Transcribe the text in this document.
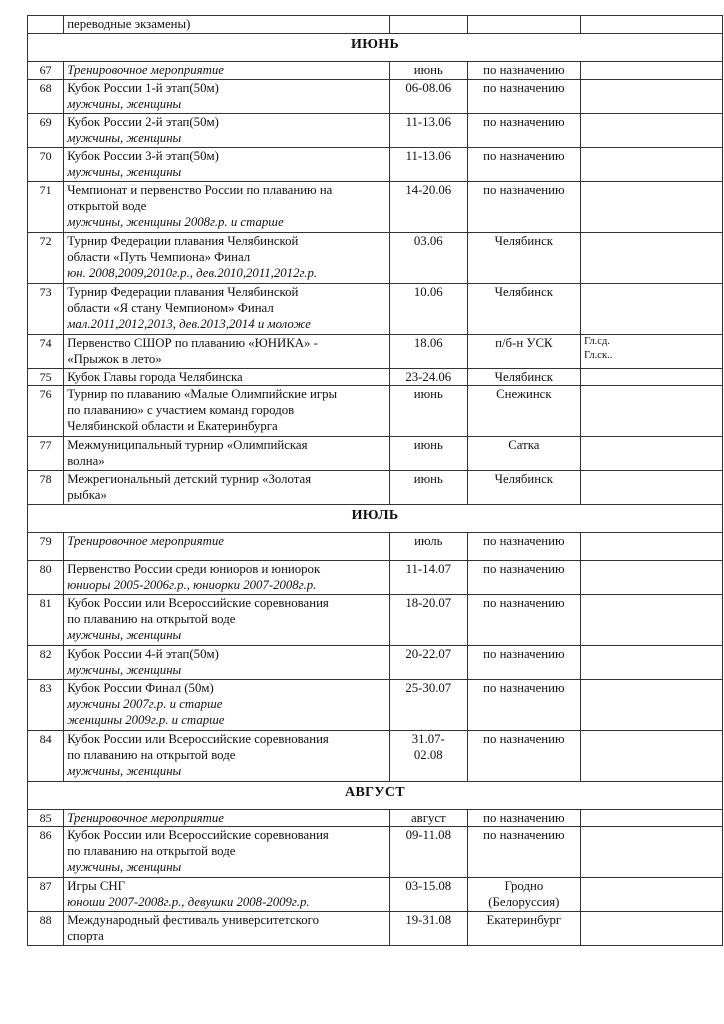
	переводные экзамены)			

ИЮНЬ				
67	Тренировочное мероприятие	июнь	по назначению	
68	Кубок России 1-й этап(50м)
мужчины, женщины	06-08.06	по назначению	
69	Кубок России 2-й этап(50м)
мужчины, женщины	11-13.06	по назначению	
70	Кубок России 3-й этап(50м)
мужчины, женщины	11-13.06	по назначению	
71	Чемпионат и первенство России по плаванию на
открытой воде
мужчины, женщины 2008г.р. и старше	14-20.06	по назначению	
72	Турнир Федерации плавания Челябинской
области «Путь Чемпиона» Финал
юн. 2008,2009,2010г.р., дев.2010,2011,2012г.р.	03.06	Челябинск	
73	Турнир Федерации плавания Челябинской
области «Я стану Чемпионом» Финал
мал.2011,2012,2013, дев.2013,2014 и моложе	10.06	Челябинск	
74	Первенство СШОР по плаванию «ЮНИКА» -
«Прыжок в лето»	18.06	п/б-н УСК	Гл.сд.
Гл.ск..

75	Кубок Главы города Челябинска	23-24.06	Челябинск	
76	Турнир по плаванию «Малые Олимпийские игры
по плаванию» с участием команд городов
Челябинской области и Екатеринбурга	июнь	Снежинск	
77	Межмуниципальный турнир «Олимпийская
волна»	июнь	Сатка	
78	Межрегиональный детский турнир «Золотая
рыбка»	июнь	Челябинск	
ИЮЛЬ				
79	Тренировочное мероприятие	июль	по назначению	
80	Первенство России среди юниоров и юниорок
юниоры 2005-2006г.р., юниорки 2007-2008г.р.	11-14.07	по назначению	
81	Кубок России или Всероссийские соревнования
по плаванию на открытой воде
мужчины, женщины	18-20.07	по назначению	
82	Кубок России 4-й этап(50м)
мужчины, женщины	20-22.07	по назначению	
83	Кубок России Финал (50м)
мужчины 2007г.р. и старше
женщины 2009г.р. и старше	25-30.07	по назначению	
84	Кубок России или Всероссийские соревнования
по плаванию на открытой воде
мужчины, женщины	31.07-
02.08	по назначению	
АВГУСТ				
85	Тренировочное мероприятие	август	по назначению	
86	Кубок России или Всероссийские соревнования
по плаванию на открытой воде
мужчины, женщины	09-11.08	по назначению	
87	Игры СНГ
юноши 2007-2008г.р., девушки 2008-2009г.р.	03-15.08	Гродно
(Белоруссия)	
88	Международный фестиваль университетского
спорта	19-31.08	Екатеринбург	
